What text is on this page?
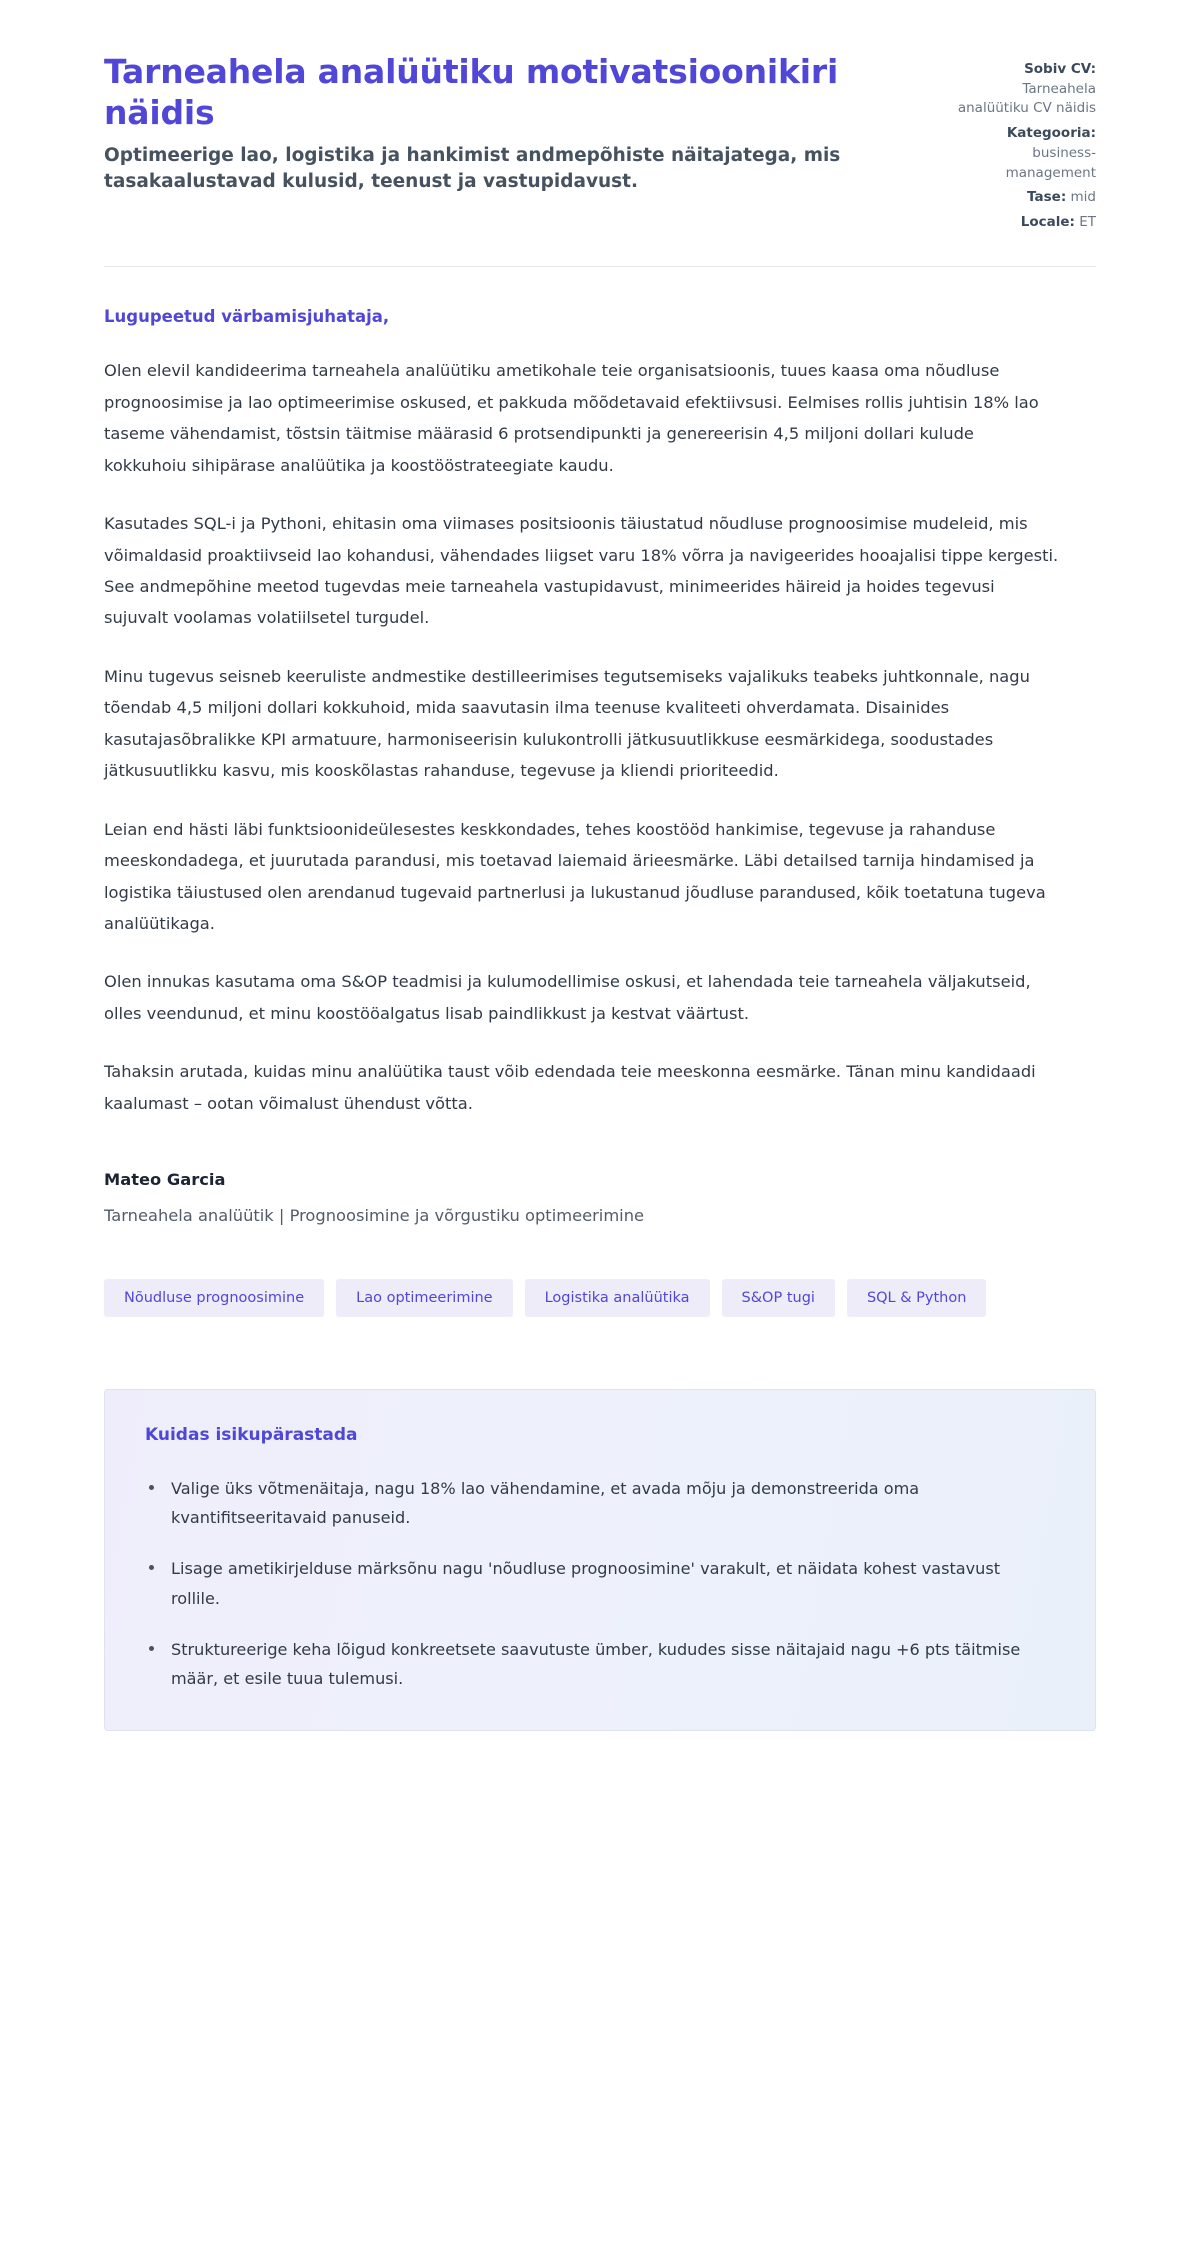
Tarneahela analüütiku motivatsioonikiri näidis

Optimeerige lao, logistika ja hankimist andmepõhiste näitajatega, mis tasakaalustavad kulusid, teenust ja vastupidavust.

Sobiv CV: Tarneahela analüütiku CV näidis
Kategooria: business-management
Tase: mid
Locale: ET

Lugupeetud värbamisjuhataja,

Olen elevil kandideerima tarneahela analüütiku ametikohale teie organisatsioonis, tuues kaasa oma nõudluse prognoosimise ja lao optimeerimise oskused, et pakkuda mõõdetavaid efektiivsusi. Eelmises rollis juhtisin 18% lao taseme vähendamist, tõstsin täitmise määrasid 6 protsendipunkti ja genereerisin 4,5 miljoni dollari kulude kokkuhoiu sihipärase analüütika ja koostööstrateegiate kaudu.

Kasutades SQL-i ja Pythoni, ehitasin oma viimases positsioonis täiustatud nõudluse prognoosimise mudeleid, mis võimaldasid proaktiivseid lao kohandusi, vähendades liigset varu 18% võrra ja navigeerides hooajalisi tippe kergesti. See andmepõhine meetod tugevdas meie tarneahela vastupidavust, minimeerides häireid ja hoides tegevusi sujuvalt voolamas volatiilsetel turgudel.

Minu tugevus seisneb keeruliste andmestike destilleerimises tegutsemiseks vajalikuks teabeks juhtkonnale, nagu tõendab 4,5 miljoni dollari kokkuhoid, mida saavutasin ilma teenuse kvaliteeti ohverdamata. Disainides kasutajasõbralikke KPI armatuure, harmoniseerisin kulukontrolli jätkusuutlikkuse eesmärkidega, soodustades jätkusuutlikku kasvu, mis kooskõlastas rahanduse, tegevuse ja kliendi prioriteedid.

Leian end hästi läbi funktsioonideülesestes keskkondades, tehes koostööd hankimise, tegevuse ja rahanduse meeskondadega, et juurutada parandusi, mis toetavad laiemaid ärieesmärke. Läbi detailsed tarnija hindamised ja logistika täiustused olen arendanud tugevaid partnerlusi ja lukustanud jõudluse parandused, kõik toetatuna tugeva analüütikaga.

Olen innukas kasutama oma S&OP teadmisi ja kulumodellimise oskusi, et lahendada teie tarneahela väljakutseid, olles veendunud, et minu koostööalgatus lisab paindlikkust ja kestvat väärtust.

Tahaksin arutada, kuidas minu analüütika taust võib edendada teie meeskonna eesmärke. Tänan minu kandidaadi kaalumast – ootan võimalust ühendust võtta.

Mateo Garcia

Tarneahela analüütik | Prognoosimine ja võrgustiku optimeerimine

Nõudluse prognoosimine	Lao optimeerimine	Logistika analüütika	S&OP tugi	SQL & Python
Kuidas isikupärastada
Valige üks võtmenäitaja, nagu 18% lao vähendamine, et avada mõju ja demonstreerida oma kvantifitseeritavaid panuseid.
Lisage ametikirjelduse märksõnu nagu 'nõudluse prognoosimine' varakult, et näidata kohest vastavust rollile.
Struktureerige keha lõigud konkreetsete saavutuste ümber, kududes sisse näitajaid nagu +6 pts täitmise määr, et esile tuua tulemusi.
